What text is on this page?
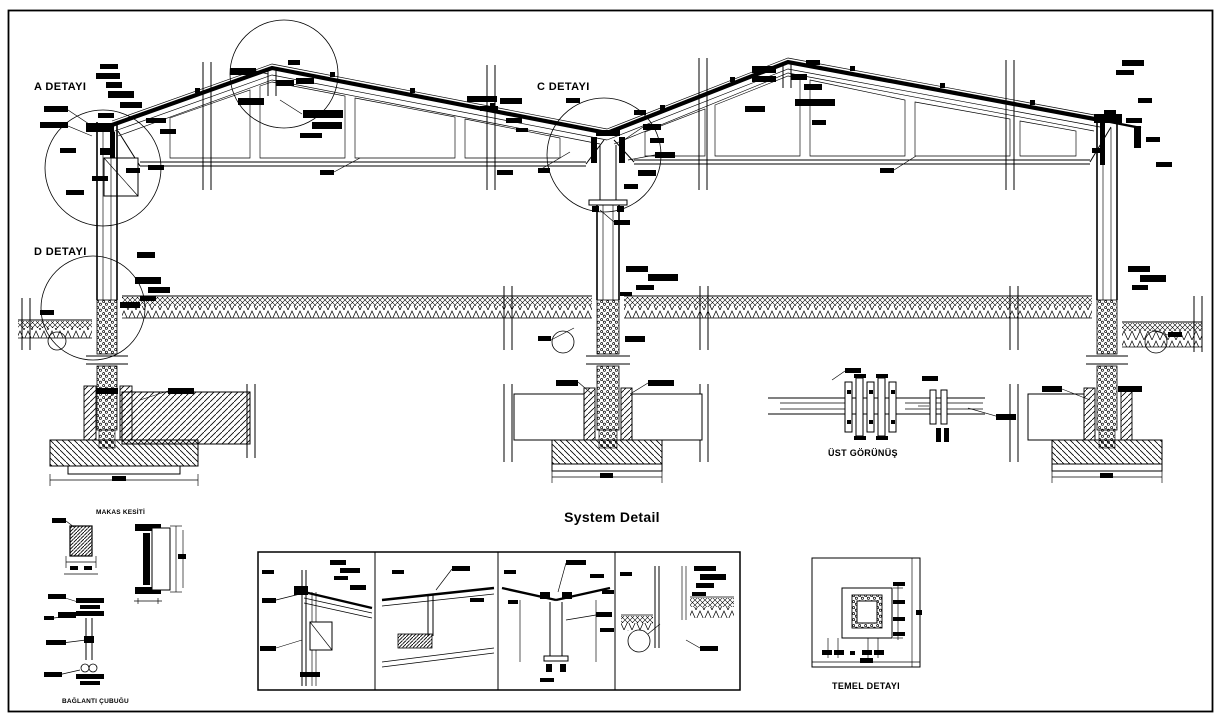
A DETAYI	C DETAYI
D DETAYI
ÜST GÖRÜNÜŞ
MAKAS KESİTİ
BAĞLANTI ÇUBUĞU
System Detail
TEMEL DETAYI
